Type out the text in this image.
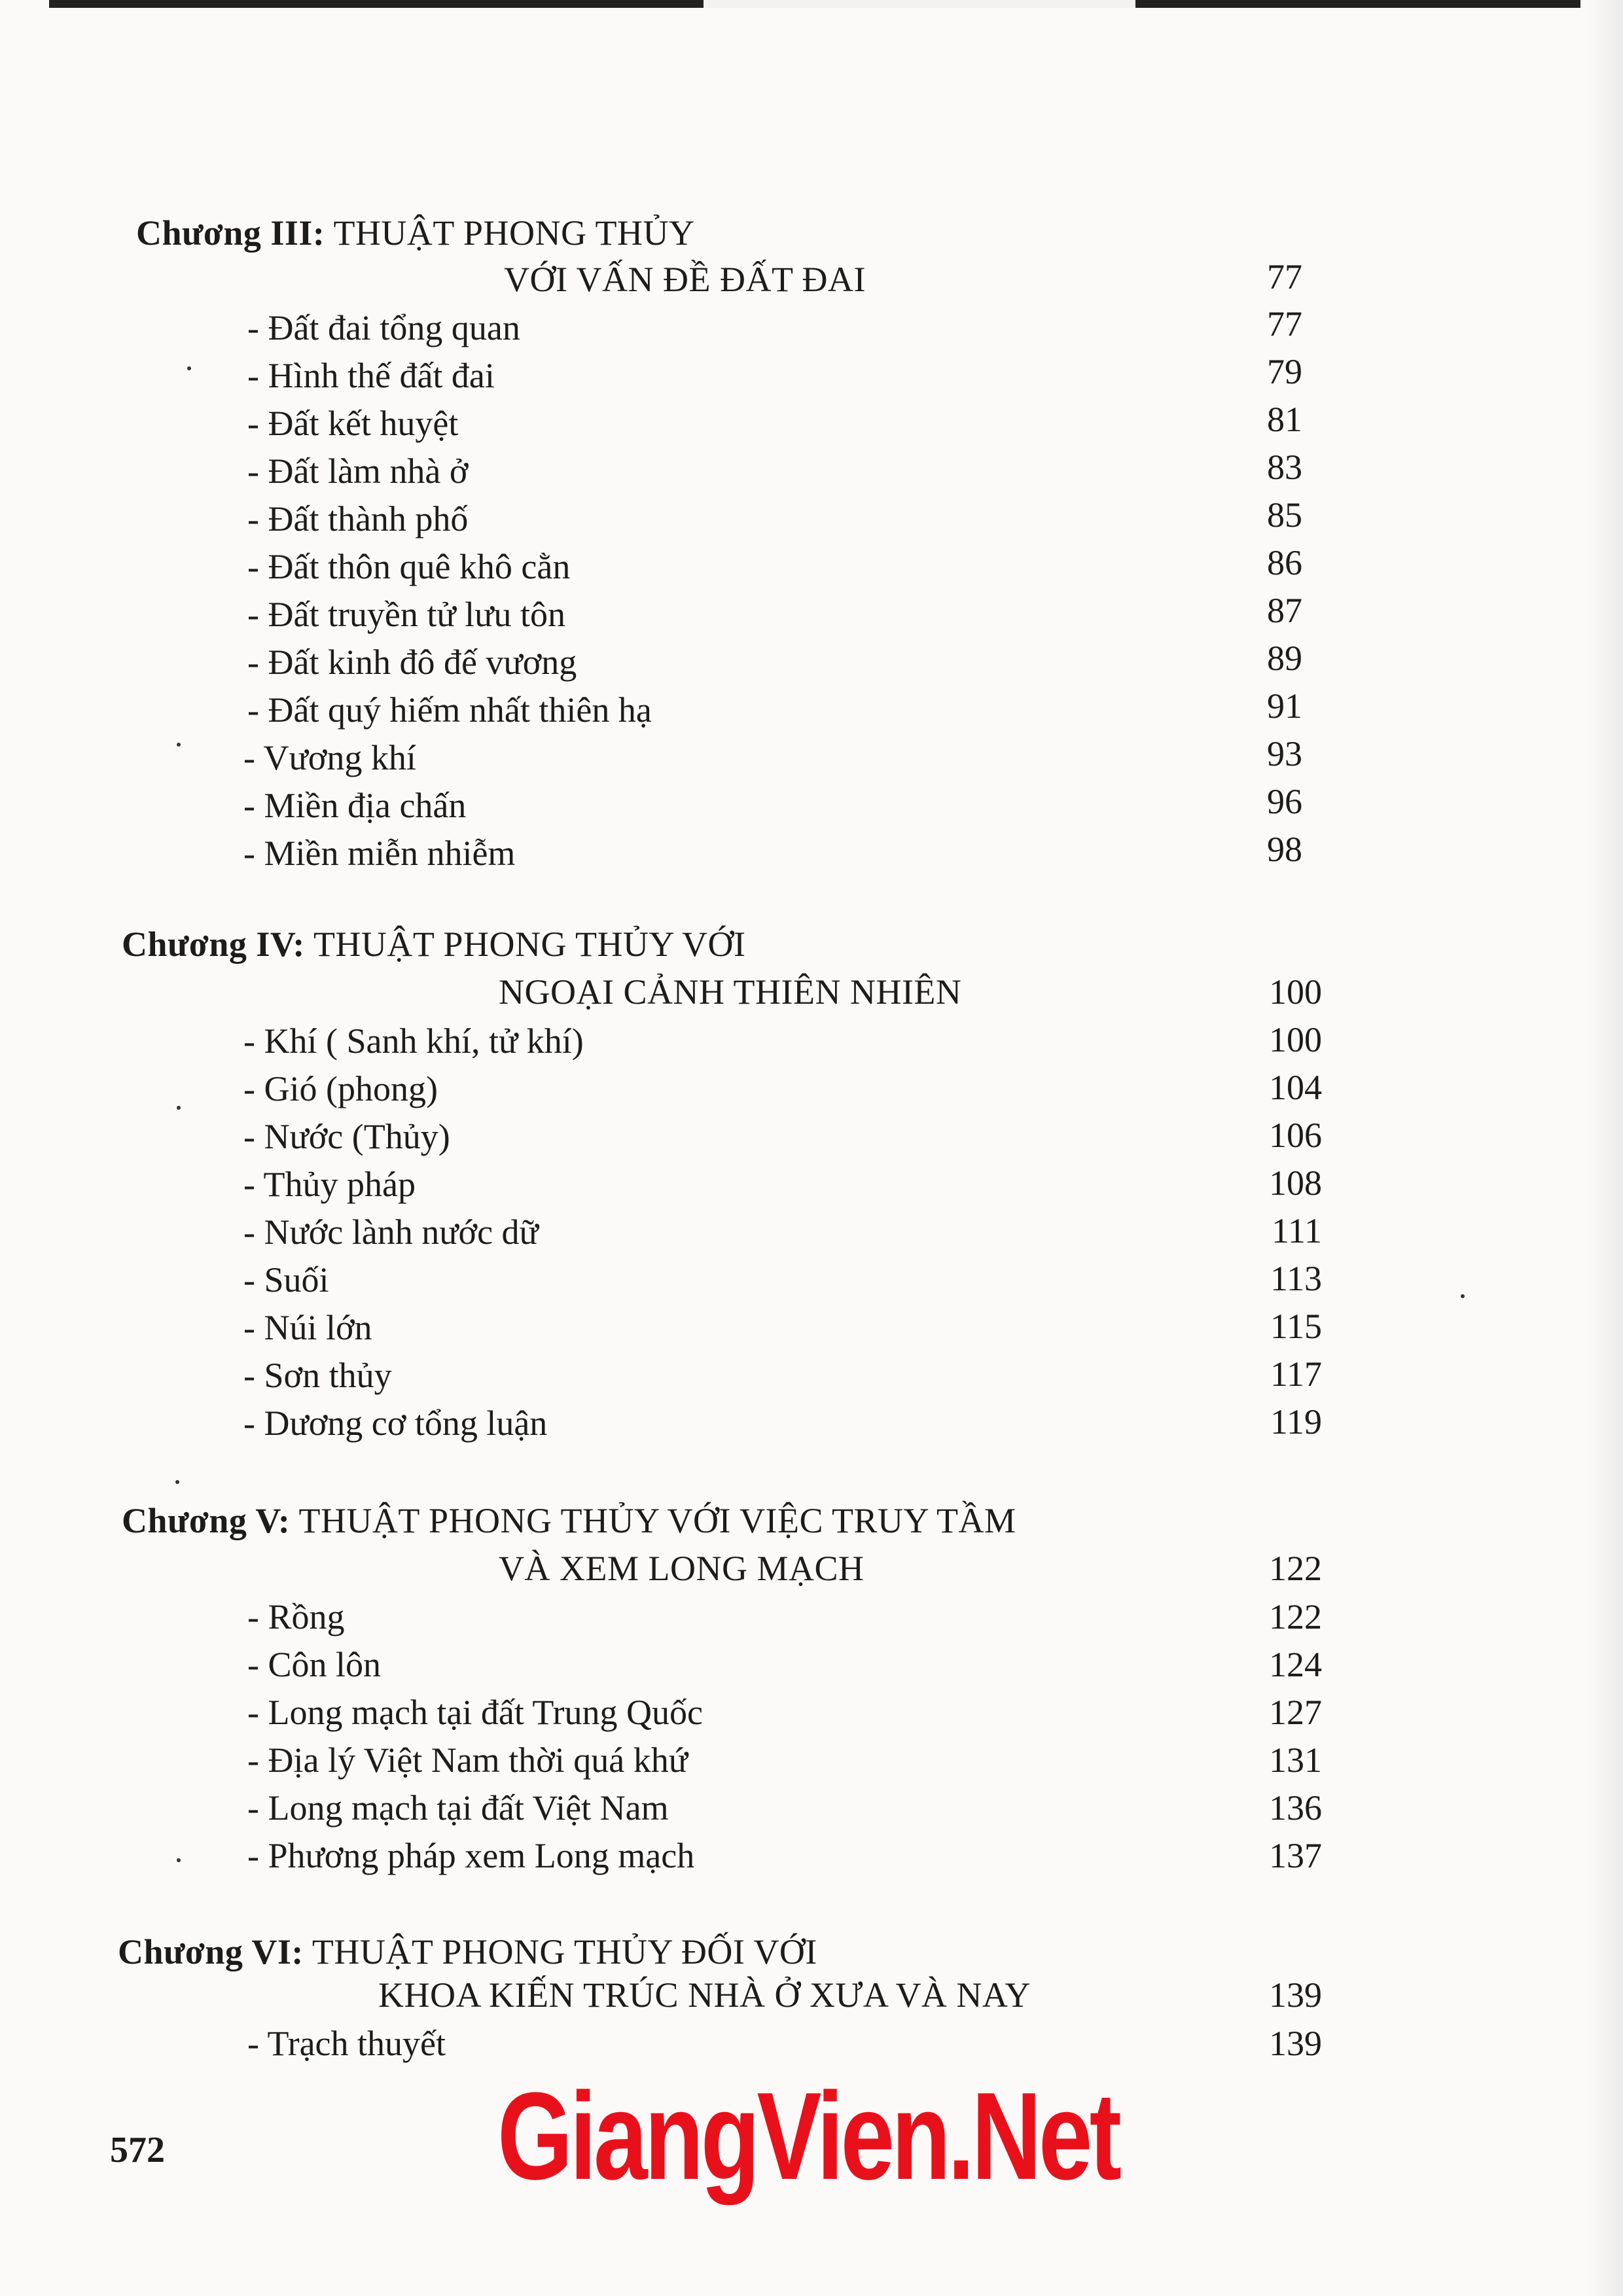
Chương III: THUẬT PHONG THỦY
VỚI VẤN ĐỀ ĐẤT ĐAI	77
- Đất đai tổng quan	77
- Hình thế đất đai	79
- Đất kết huyệt	81
- Đất làm nhà ở	83
- Đất thành phố	85
- Đất thôn quê khô cằn	86
- Đất truyền tử lưu tôn	87
- Đất kinh đô đế vương	89
- Đất quý hiếm nhất thiên hạ	91
- Vương khí	93
- Miền địa chấn	96
- Miền miễn nhiễm	98
Chương IV: THUẬT PHONG THỦY VỚI
NGOẠI CẢNH THIÊN NHIÊN	100
- Khí ( Sanh khí, tử khí)	100
- Gió (phong)	104
- Nước (Thủy)	106
- Thủy pháp	108
- Nước lành nước dữ	111
- Suối	113
- Núi lớn	115
- Sơn thủy	117
- Dương cơ tổng luận	119
Chương V: THUẬT PHONG THỦY VỚI VIỆC TRUY TẦM
VÀ XEM LONG MẠCH	122
- Rồng	122
- Côn lôn	124
- Long mạch tại đất Trung Quốc	127
- Địa lý Việt Nam thời quá khứ	131
- Long mạch tại đất Việt Nam	136
- Phương pháp xem Long mạch	137
Chương VI: THUẬT PHONG THỦY ĐỐI VỚI
KHOA KIẾN TRÚC NHÀ Ở XƯA VÀ NAY	139
- Trạch thuyết	139
572	GiangVien.Net
